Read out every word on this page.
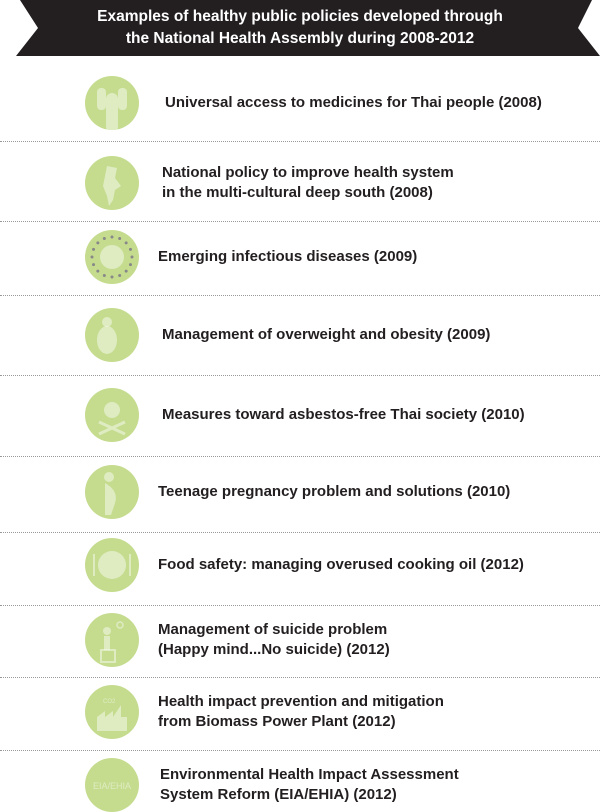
Examples of healthy public policies developed through
the National Health Assembly during 2008-2012
Universal access to medicines for Thai people (2008)
National policy to improve health system
in the multi-cultural deep south (2008)
Emerging infectious diseases (2009)
Management of overweight and obesity (2009)
Measures toward asbestos-free Thai society (2010)
Teenage pregnancy problem and solutions (2010)
Food safety: managing overused cooking oil (2012)
Management of suicide problem
(Happy mind...No suicide) (2012)
CO2	Health impact prevention and mitigation
from Biomass Power Plant (2012)
EIA/EHIA
Environmental Health Impact Assessment
System Reform (EIA/EHIA) (2012)
